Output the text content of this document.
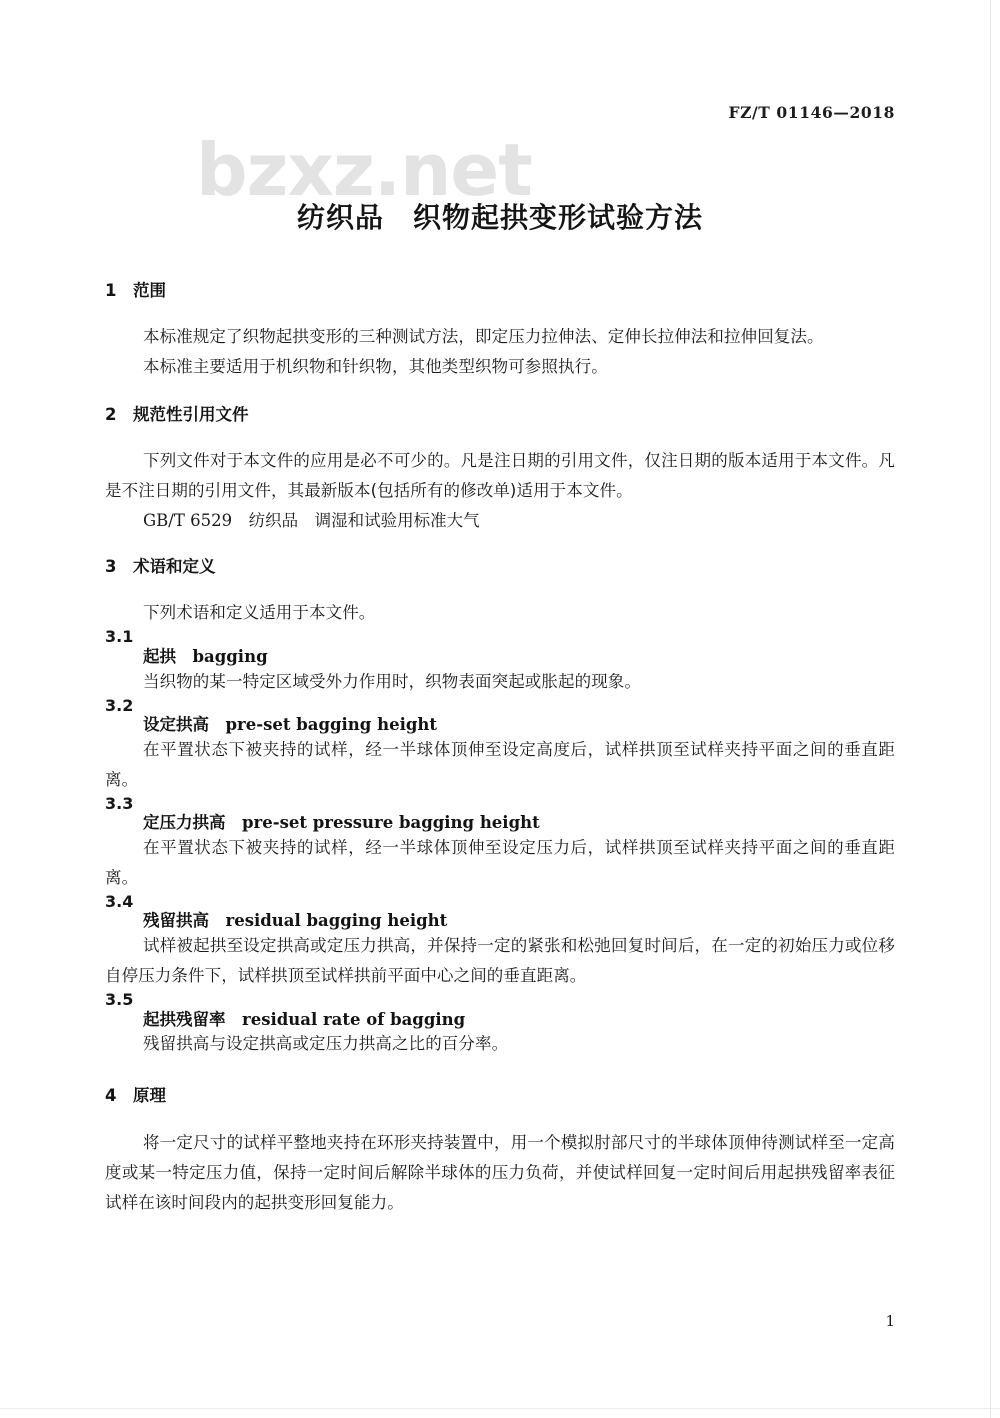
FZ/T 01146—2018
bzxz.net
纺织品　织物起拱变形试验方法
1　范围

本标准规定了织物起拱变形的三种测试方法，即定压力拉伸法、定伸长拉伸法和拉伸回复法。

本标准主要适用于机织物和针织物，其他类型织物可参照执行。

2　规范性引用文件

下列文件对于本文件的应用是必不可少的。凡是注日期的引用文件，仅注日期的版本适用于本文件。凡是不注日期的引用文件，其最新版本(包括所有的修改单)适用于本文件。

GB/T 6529　 纺织品　调湿和试验用标准大气
3　术语和定义

下列术语和定义适用于本文件。

3.1
起拱　 bagging

当织物的某一特定区域受外力作用时，织物表面突起或胀起的现象。

3.2
设定拱高　 pre-set bagging height

在平置状态下被夹持的试样，经一半球体顶伸至设定高度后，试样拱顶至试样夹持平面之间的垂直距离。

3.3
定压力拱高　 pre-set pressure bagging height

在平置状态下被夹持的试样，经一半球体顶伸至设定压力后，试样拱顶至试样夹持平面之间的垂直距离。

3.4
残留拱高　 residual bagging height

试样被起拱至设定拱高或定压力拱高，并保持一定的紧张和松弛回复时间后，在一定的初始压力或位移自停压力条件下，试样拱顶至试样拱前平面中心之间的垂直距离。

3.5
起拱残留率　 residual rate of bagging

残留拱高与设定拱高或定压力拱高之比的百分率。

4　原理

将一定尺寸的试样平整地夹持在环形夹持装置中，用一个模拟肘部尺寸的半球体顶伸待测试样至一定高度或某一特定压力值，保持一定时间后解除半球体的压力负荷，并使试样回复一定时间后用起拱残留率表征试样在该时间段内的起拱变形回复能力。

1
